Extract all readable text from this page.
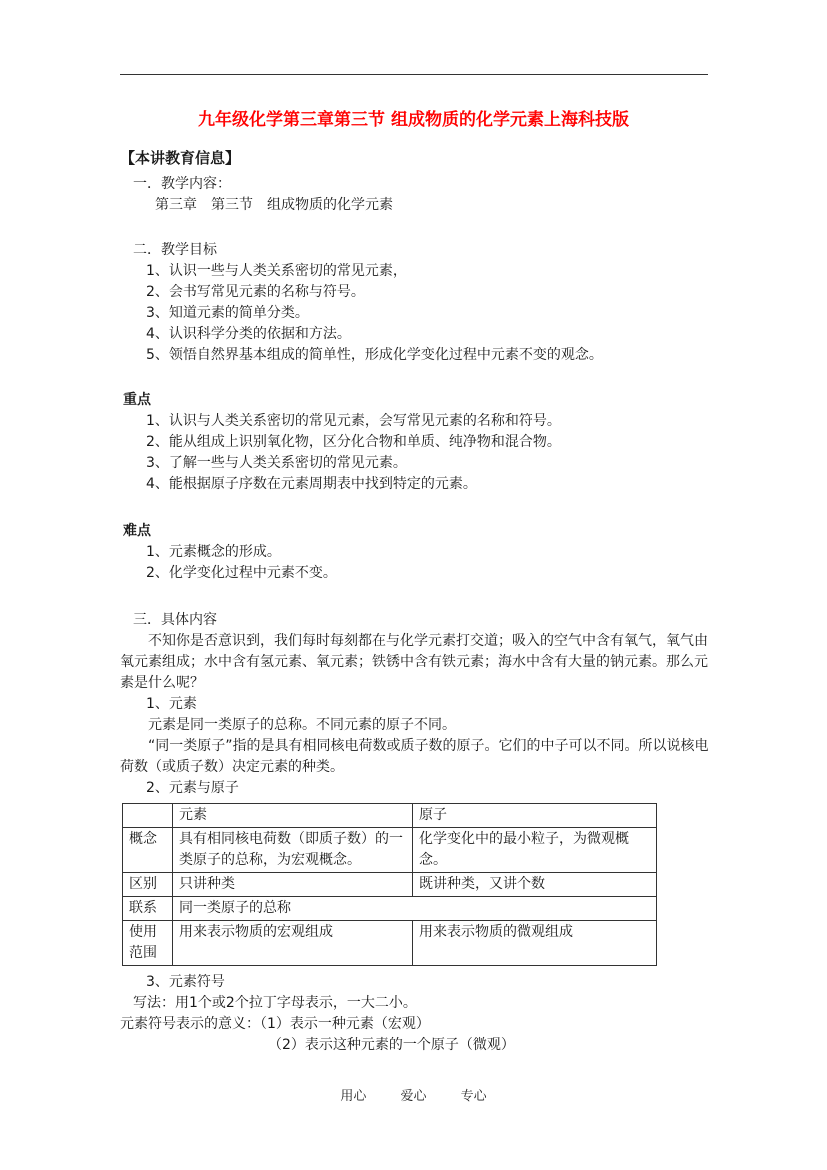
九年级化学第三章第三节 组成物质的化学元素上海科技版
【本讲教育信息】
一．教学内容：
第三章　第三节　组成物质的化学元素
二．教学目标
1、认识一些与人类关系密切的常见元素，
2、会书写常见元素的名称与符号。
3、知道元素的简单分类。
4、认识科学分类的依据和方法。
5、领悟自然界基本组成的简单性，形成化学变化过程中元素不变的观念。
重点
1、认识与人类关系密切的常见元素，会写常见元素的名称和符号。
2、能从组成上识别氧化物，区分化合物和单质、纯净物和混合物。
3、了解一些与人类关系密切的常见元素。
4、能根据原子序数在元素周期表中找到特定的元素。
难点
1、元素概念的形成。
2、化学变化过程中元素不变。
三．具体内容
不知你是否意识到，我们每时每刻都在与化学元素打交道；吸入的空气中含有氧气，氧气由氧元素组成；水中含有氢元素、氧元素；铁锈中含有铁元素；海水中含有大量的钠元素。那么元素是什么呢？
1、元素
元素是同一类原子的总称。不同元素的原子不同。
“同一类原子”指的是具有相同核电荷数或质子数的原子。它们的中子可以不同。所以说核电荷数（或质子数）决定元素的种类。
2、元素与原子
	元素	原子
概念	具有相同核电荷数（即质子数）的一类原子的总称，为宏观概念。	化学变化中的最小粒子，为微观概念。
区别	只讲种类	既讲种类，又讲个数
联系	同一类原子的总称	
使用范围	用来表示物质的宏观组成	用来表示物质的微观组成
3、元素符号
写法：用1个或2个拉丁字母表示，一大二小。
元素符号表示的意义：（1）表示一种元素（宏观）
（2）表示这种元素的一个原子（微观）
用心	爱心	专心
